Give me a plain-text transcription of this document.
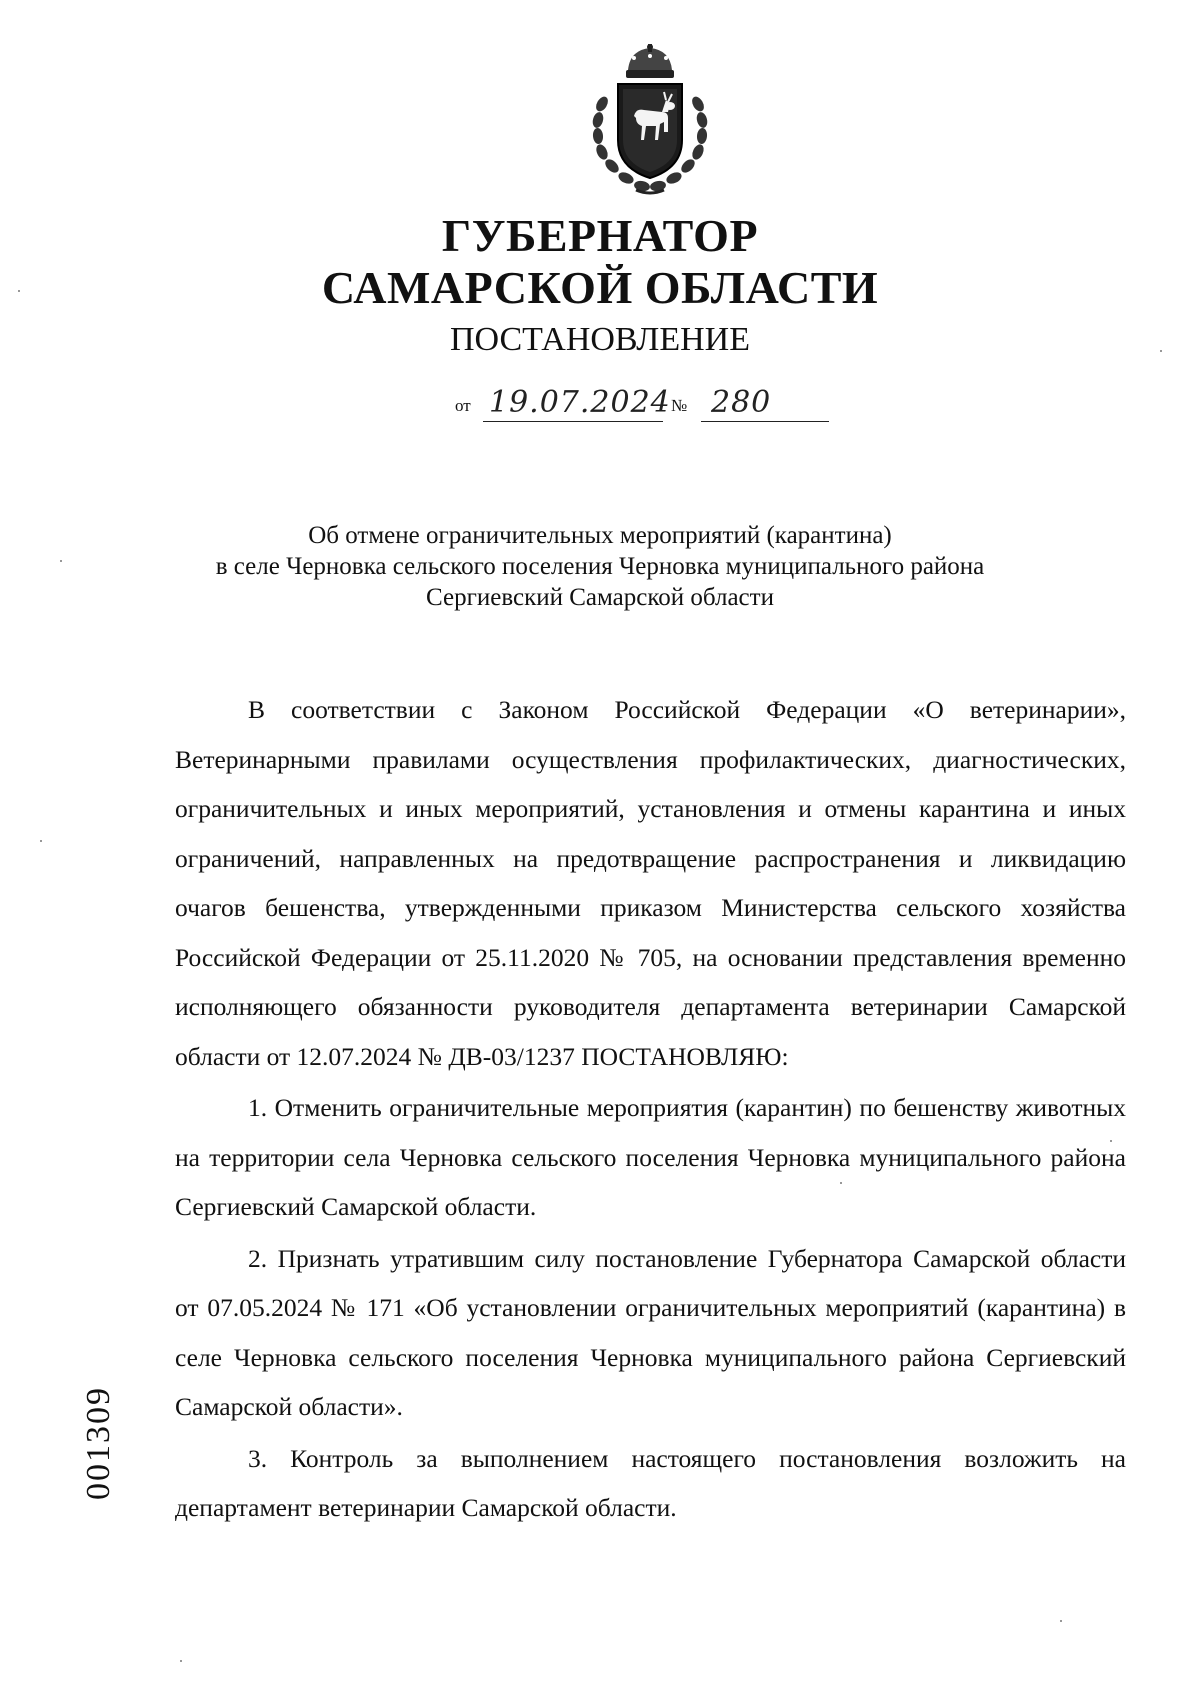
ГУБЕРНАТОР
САМАРСКОЙ ОБЛАСТИ
ПОСТАНОВЛЕНИЕ
от 19.07.2024 № 280
Об отмене ограничительных мероприятий (карантина)
в селе Черновка сельского поселения Черновка муниципального района
Сергиевский Самарской области

В соответствии с Законом Российской Федерации «О ветеринарии», Ветеринарными правилами осуществления профилактических, диагностических, ограничительных и иных мероприятий, установления и отмены карантина и иных ограничений, направленных на предотвращение распространения и ликвидацию очагов бешенства, утвержденными приказом Министерства сельского хозяйства Российской Федерации от 25.11.2020 № 705, на основании представления временно исполняющего обязанности руководителя департамента ветеринарии Самарской области от 12.07.2024 № ДВ-03/1237 ПОСТАНОВЛЯЮ:

1. Отменить ограничительные мероприятия (карантин) по бешенству животных на территории села Черновка сельского поселения Черновка муниципального района Сергиевский Самарской области.

2. Признать утратившим силу постановление Губернатора Самарской области от 07.05.2024 № 171 «Об установлении ограничительных мероприятий (карантина) в селе Черновка сельского поселения Черновка муниципального района Сергиевский Самарской области».

3. Контроль за выполнением настоящего постановления возложить на департамент ветеринарии Самарской области.

001309
